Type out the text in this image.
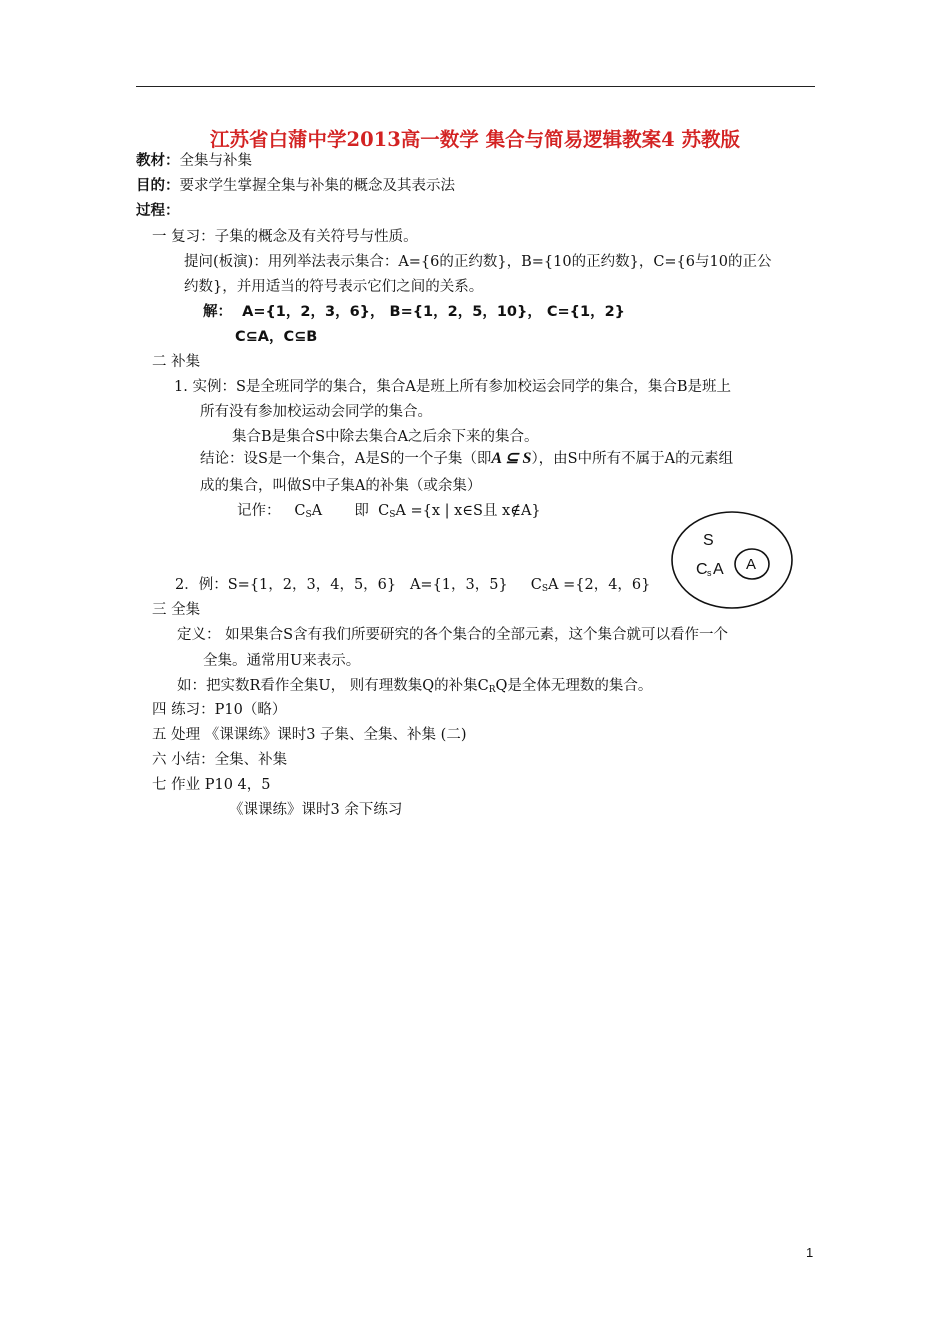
江苏省白蒲中学2013高一数学 集合与简易逻辑教案4 苏教版
教材：全集与补集
目的：要求学生掌握全集与补集的概念及其表示法
过程：
一 复习：子集的概念及有关符号与性质。
提问(板演)：用列举法表示集合：A={6的正约数}，B={10的正约数}，C={6与10的正公
约数}，并用适当的符号表示它们之间的关系。
解： A={1，2，3，6}， B={1，2，5，10}， C={1，2}
C⊆A，C⊆B
二 补集
1. 实例：S是全班同学的集合，集合A是班上所有参加校运会同学的集合，集合B是班上
所有没有参加校运动会同学的集合。
集合B是集合S中除去集合A之后余下来的集合。
结论：设S是一个集合，A是S的一个子集（即A ⊆ S），由S中所有不属于A的元素组
成的集合，叫做S中子集A的补集（或余集）
记作： $C_SA$ 即 $C_SA =\{x$ | x∈S且 x∉A}
2．例：S={1，2，3，4，5，6} A={1，3，5} $C_SA =\{2$，4，6}
S
A
C s A
三 全集
定义： 如果集合S含有我们所要研究的各个集合的全部元素，这个集合就可以看作一个
全集。通常用U来表示。
如：把实数R看作全集U， 则有理数集Q的补集$C_RQ$是全体无理数的集合。
四 练习：P10（略）
五 处理 《课课练》课时3 子集、全集、补集 (二)
六 小结：全集、补集
七 作业 P10 4，5
《课课练》课时3 余下练习
1
